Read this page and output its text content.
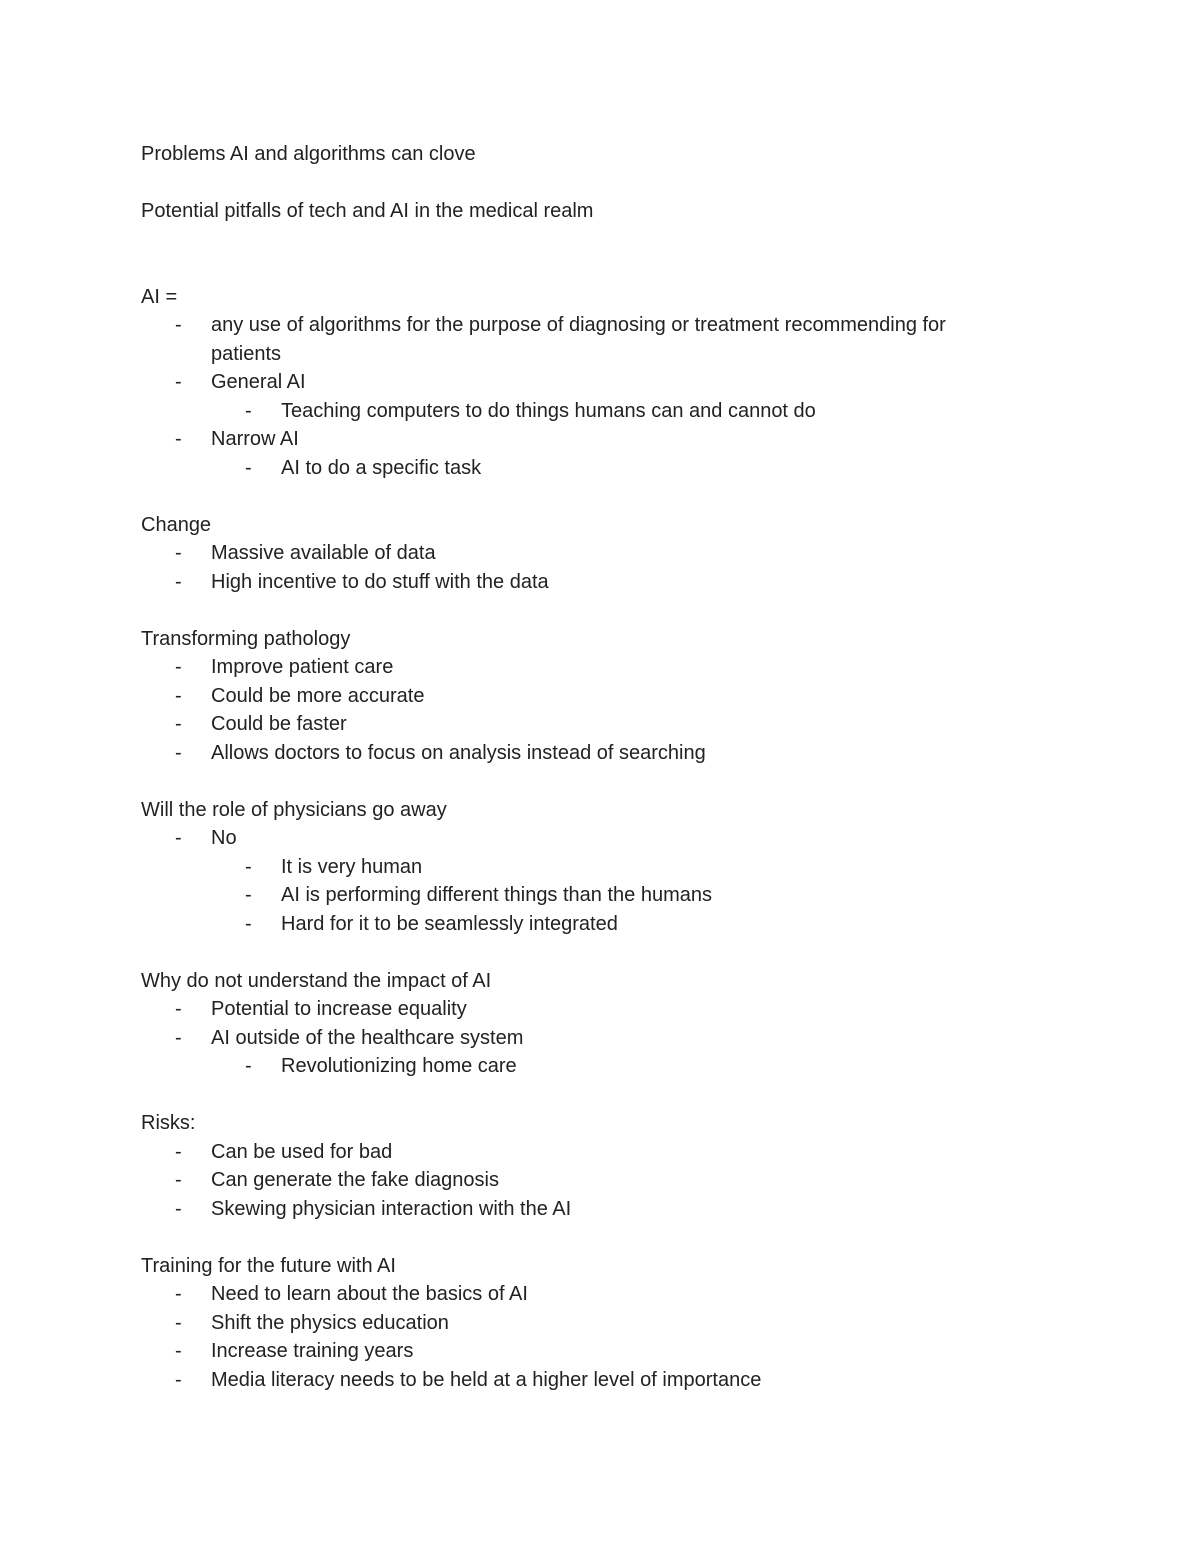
Problems AI and algorithms can clove

Potential pitfalls of tech and AI in the medical realm

AI =

-	any use of algorithms for the purpose of diagnosing or treatment recommending for patients
-	General AI
-	Teaching computers to do things humans can and cannot do
-	Narrow AI
-	AI to do a specific task

Change

-	Massive available of data
-	High incentive to do stuff with the data

Transforming pathology

-	Improve patient care
-	Could be more accurate
-	Could be faster
-	Allows doctors to focus on analysis instead of searching

Will the role of physicians go away

-	No
-	It is very human
-	AI is performing different things than the humans
-	Hard for it to be seamlessly integrated

Why do not understand the impact of AI

-	Potential to increase equality
-	AI outside of the healthcare system
-	Revolutionizing home care

Risks:

-	Can be used for bad
-	Can generate the fake diagnosis
-	Skewing physician interaction with the AI

Training for the future with AI

-	Need to learn about the basics of AI
-	Shift the physics education
-	Increase training years
-	Media literacy needs to be held at a higher level of importance
